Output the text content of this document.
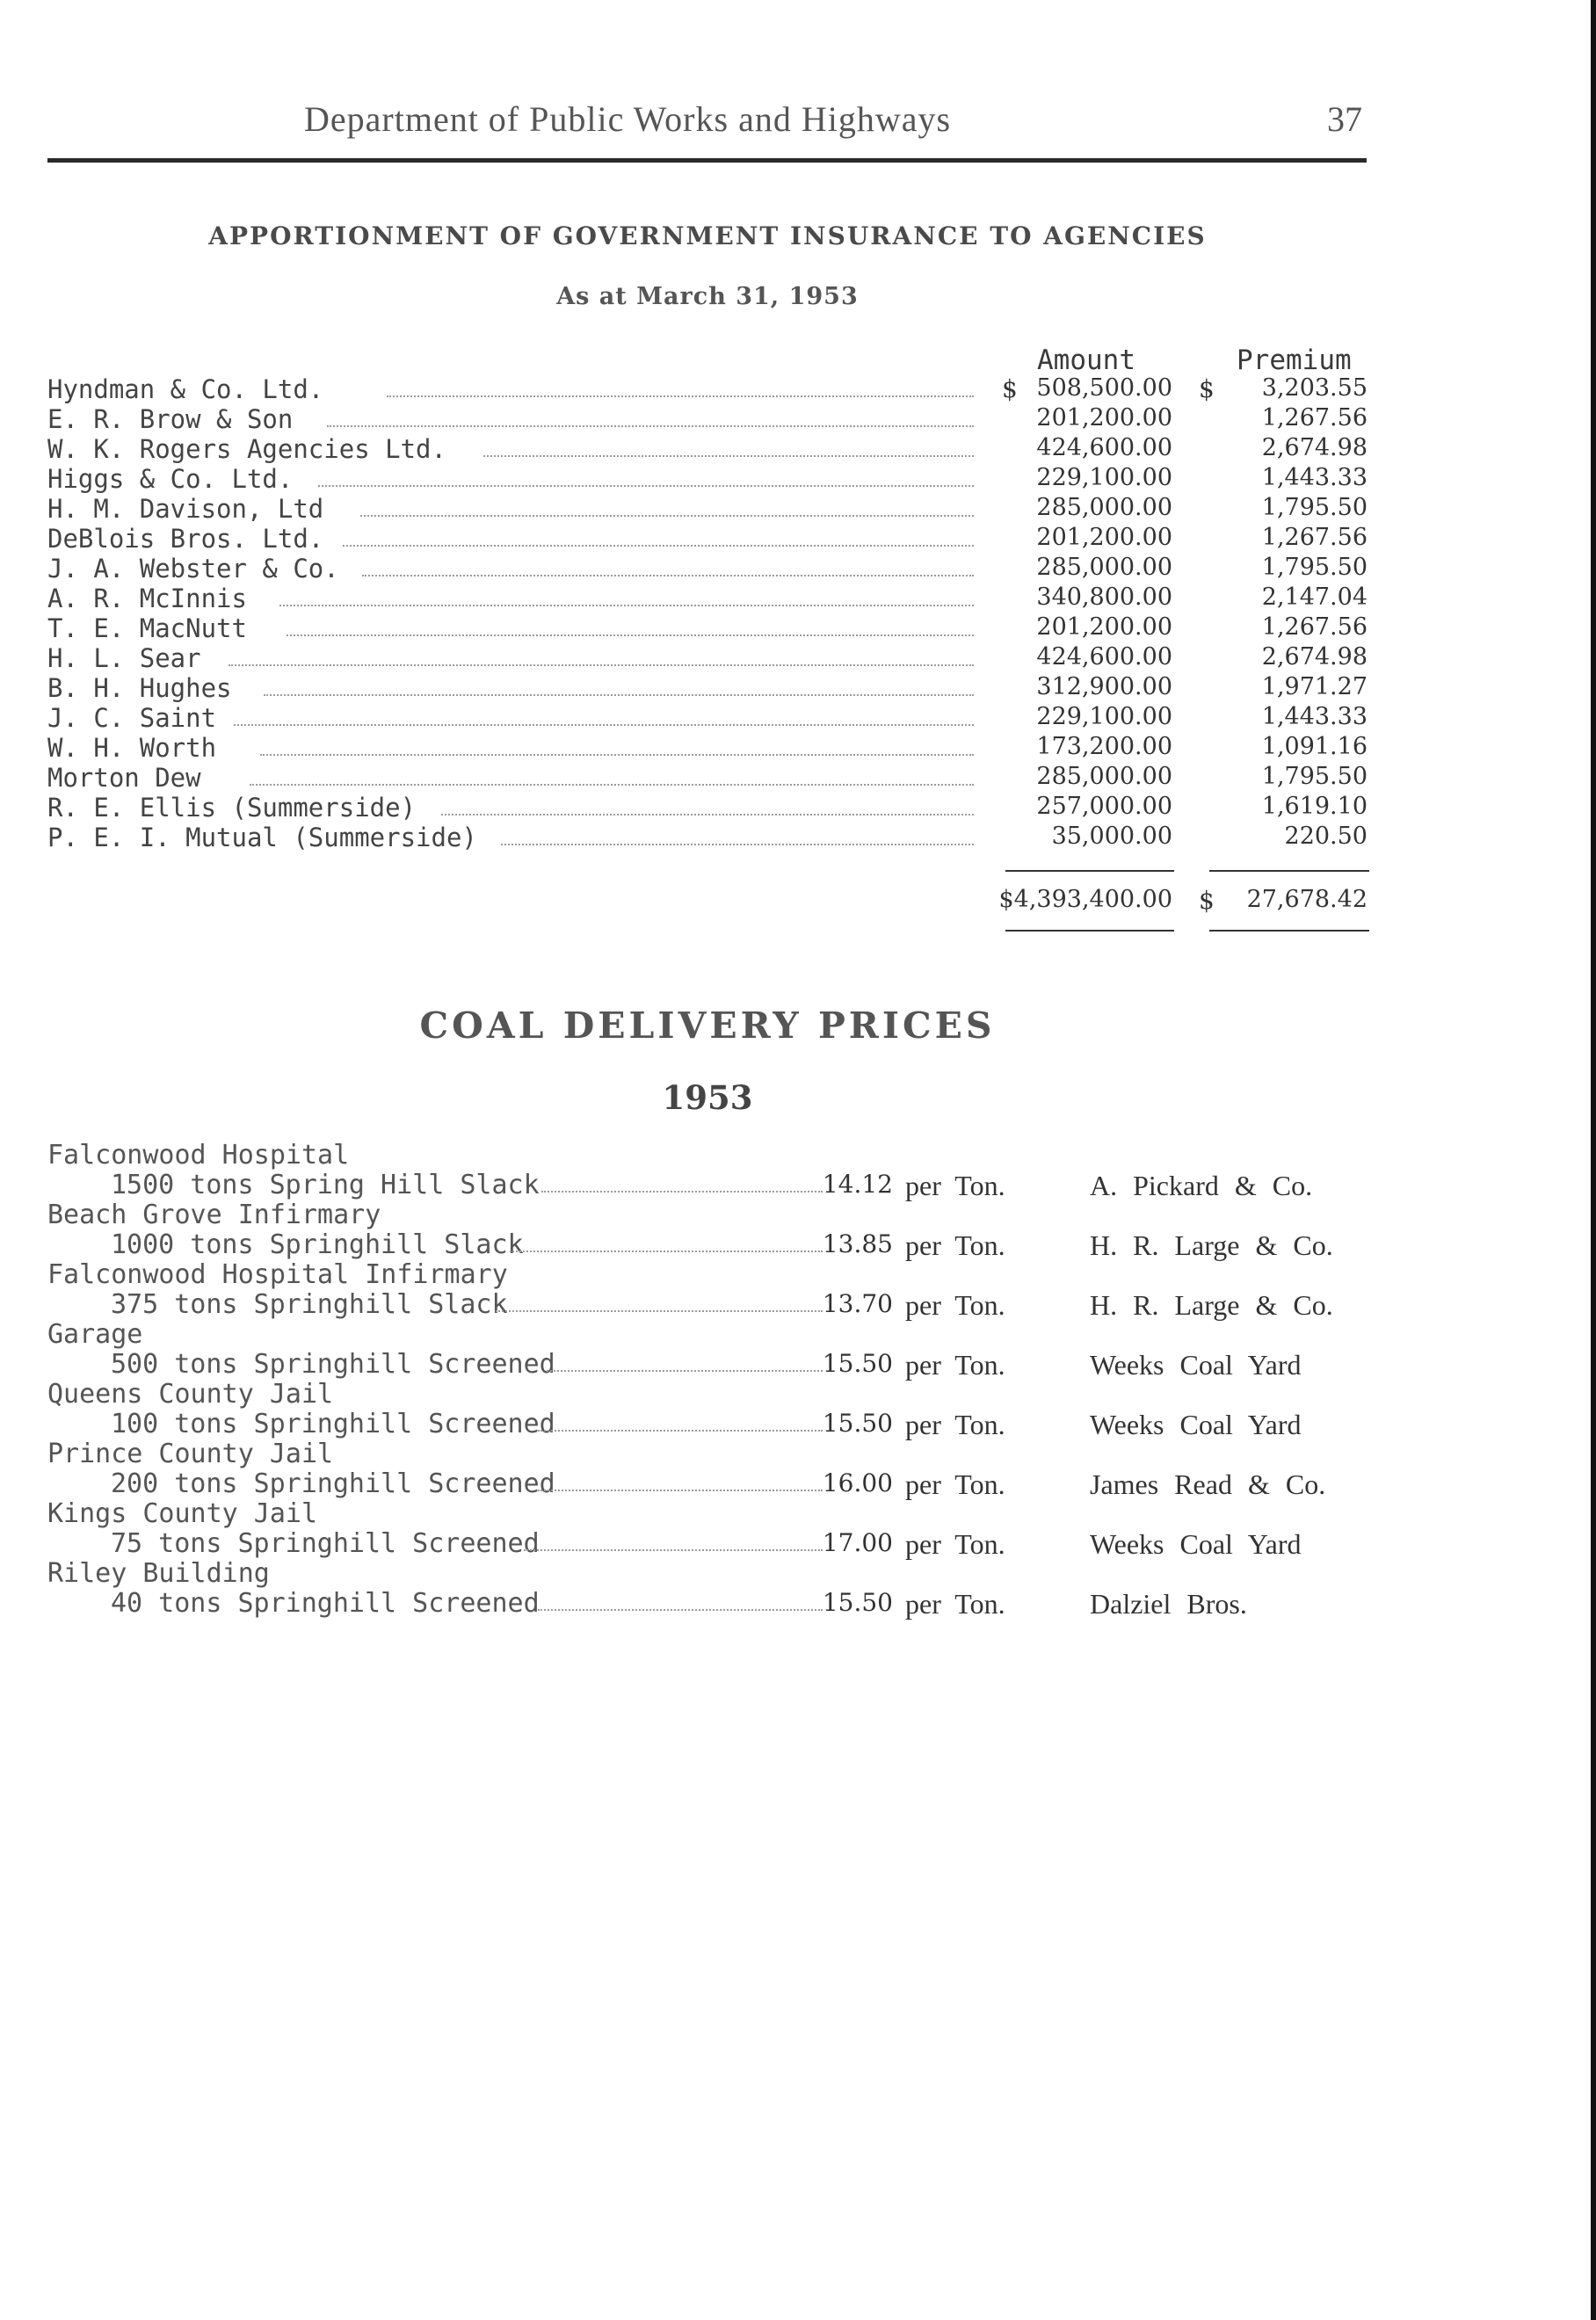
Department of Public Works and Highways	37
APPORTIONMENT OF GOVERNMENT INSURANCE TO AGENCIES
As at March 31, 1953
Amount	Premium
Hyndman & Co. Ltd.	$ 508,500.00 $ 3,203.55
E. R. Brow & Son	201,200.00	1,267.56
W. K. Rogers Agencies Ltd.	424,600.00	2,674.98
Higgs & Co. Ltd.	229,100.00	1,443.33
H. M. Davison, Ltd	285,000.00	1,795.50
DeBlois Bros. Ltd.	201,200.00	1,267.56
J. A. Webster & Co.	285,000.00	1,795.50
A. R. McInnis	340,800.00	2,147.04
T. E. MacNutt	201,200.00	1,267.56
H. L. Sear	424,600.00	2,674.98
B. H. Hughes	312,900.00	1,971.27
J. C. Saint	229,100.00	1,443.33
W. H. Worth	173,200.00	1,091.16
Morton Dew	285,000.00	1,795.50
R. E. Ellis (Summerside)	257,000.00	1,619.10
P. E. I. Mutual (Summerside)	35,000.00	220.50
$4,393,400.00 $ 27,678.42
COAL DELIVERY PRICES
1953
Falconwood Hospital
1500 tons Spring Hill Slack	14.12 per Ton.	A. Pickard & Co.
Beach Grove Infirmary
1000 tons Springhill Slack	13.85 per Ton.	H. R. Large & Co.
Falconwood Hospital Infirmary
375 tons Springhill Slack	13.70 per Ton.	H. R. Large & Co.
Garage
500 tons Springhill Screened	15.50 per Ton.	Weeks Coal Yard
Queens County Jail
100 tons Springhill Screened	15.50 per Ton.	Weeks Coal Yard
Prince County Jail
200 tons Springhill Screened	16.00 per Ton.	James Read & Co.
Kings County Jail
75 tons Springhill Screened	17.00 per Ton.	Weeks Coal Yard
Riley Building
40 tons Springhill Screened	15.50 per Ton.	Dalziel Bros.
